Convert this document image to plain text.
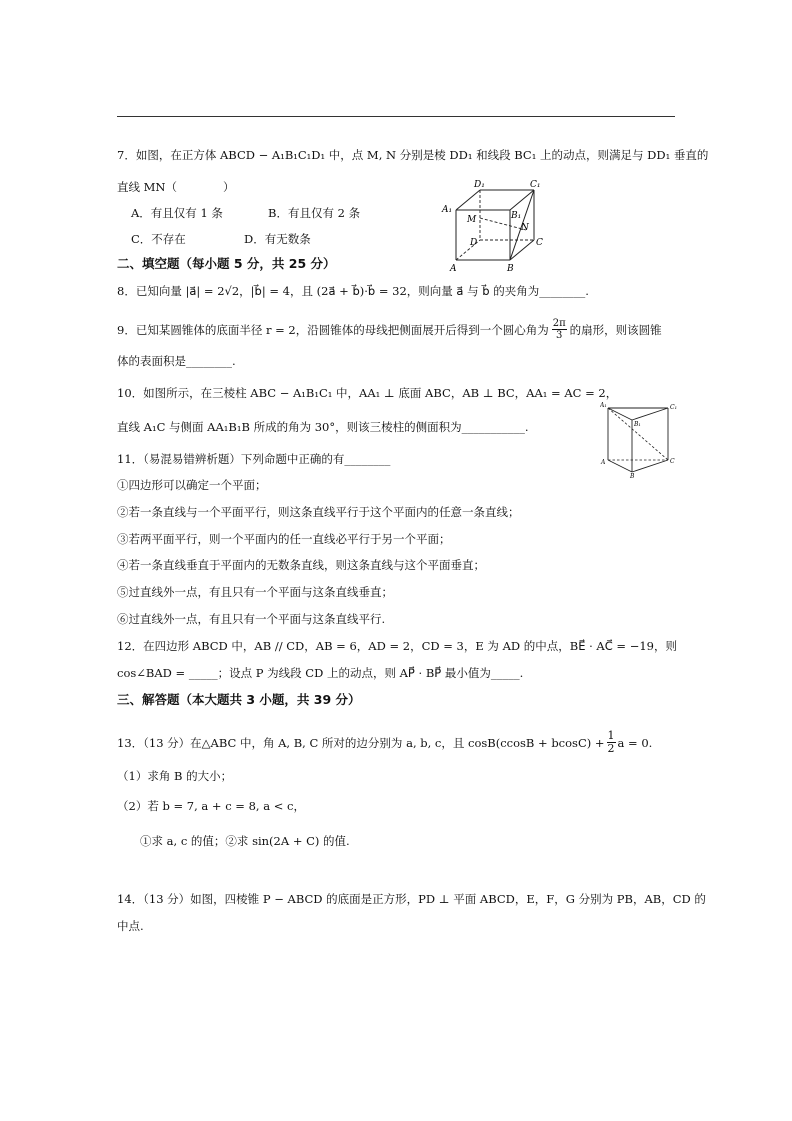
7．如图，在正方体 ABCD − A₁B₁C₁D₁ 中，点 M, N 分别是棱 DD₁ 和线段 BC₁ 上的动点，则满足与 DD₁ 垂直的
直线 MN（　　　　）
A．有且仅有 1 条	B．有且仅有 2 条
C．不存在	D．有无数条
A	B
C
D
A₁
B₁
C₁
D₁
M
N
二、填空题（每小题 5 分，共 25 分）
8．已知向量 |a⃗| = 2√2，|b⃗| = 4，且 (2a⃗ + b⃗)·b⃗ = 32，则向量 a⃗ 与 b⃗ 的夹角为________.
9．已知某圆锥体的底面半径 r = 2，沿圆锥体的母线把侧面展开后得到一个圆心角为 $\frac{2\pi}{3}$ 的扇形，则该圆锥
体的表面积是________.
10．如图所示，在三棱柱 ABC − A₁B₁C₁ 中，AA₁ ⊥ 底面 ABC，AB ⊥ BC，AA₁ = AC = 2，
直线 A₁C 与侧面 AA₁B₁B 所成的角为 30°，则该三棱柱的侧面积为___________.
A₁
B₁
C₁
A
B
C
11．（易混易错辨析题）下列命题中正确的有________
①四边形可以确定一个平面；
②若一条直线与一个平面平行，则这条直线平行于这个平面内的任意一条直线；
③若两平面平行，则一个平面内的任一直线必平行于另一个平面；
④若一条直线垂直于平面内的无数条直线，则这条直线与这个平面垂直；
⑤过直线外一点，有且只有一个平面与这条直线垂直；
⑥过直线外一点，有且只有一个平面与这条直线平行.
12．在四边形 ABCD 中，AB // CD，AB = 6，AD = 2，CD = 3，E 为 AD 的中点，BE⃗ · AC⃗ = −19，则
cos∠BAD = _____；设点 P 为线段 CD 上的动点，则 AP⃗ · BP⃗ 最小值为_____.
三、解答题（本大题共 3 小题，共 39 分）
13．（13 分）在△ABC 中，角 A, B, C 所对的边分别为 a, b, c，且 $\cos B(ccosB + bcosC) + \frac{1}{2}$ a = 0.
（1）求角 B 的大小；
（2）若 b = 7, a + c = 8, a < c，
①求 a, c 的值；②求 sin(2A + C) 的值.
14．（13 分）如图，四棱锥 P − ABCD 的底面是正方形，PD ⊥ 平面 ABCD，E，F，G 分别为 PB，AB，CD 的
中点.
